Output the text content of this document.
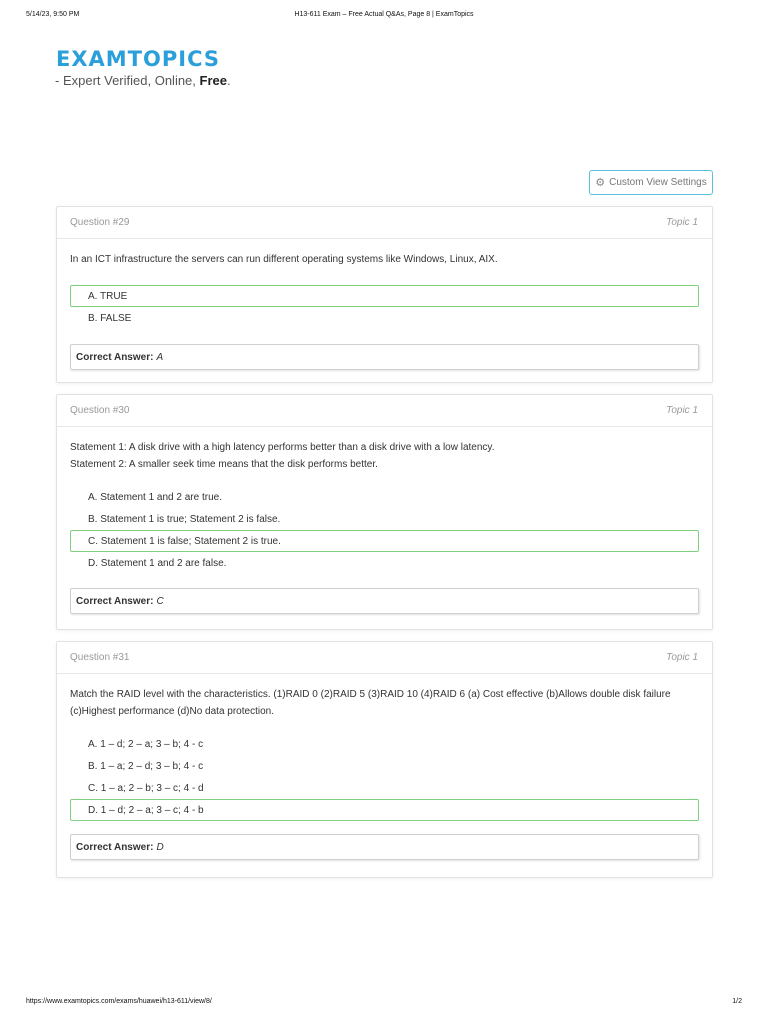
5/14/23, 9:50 PM	H13-611 Exam – Free Actual Q&As, Page 8 | ExamTopics
EXAMTOPICS
- Expert Verified, Online, Free.
⚙ Custom View Settings
Question #29	Topic 1
In an ICT infrastructure the servers can run different operating systems like Windows, Linux, AIX.
A. TRUE
B. FALSE
Correct Answer: A
Question #30	Topic 1
Statement 1: A disk drive with a high latency performs better than a disk drive with a low latency.
Statement 2: A smaller seek time means that the disk performs better.
A. Statement 1 and 2 are true.
B. Statement 1 is true; Statement 2 is false.
C. Statement 1 is false; Statement 2 is true.
D. Statement 1 and 2 are false.
Correct Answer: C
Question #31	Topic 1
Match the RAID level with the characteristics. (1)RAID 0 (2)RAID 5 (3)RAID 10 (4)RAID 6 (a) Cost effective (b)Allows double disk failure (c)Highest performance (d)No data protection.
A. 1 – d; 2 – a; 3 – b; 4 - c
B. 1 – a; 2 – d; 3 – b; 4 - c
C. 1 – a; 2 – b; 3 – c; 4 - d
D. 1 – d; 2 – a; 3 – c; 4 - b
Correct Answer: D
https://www.examtopics.com/exams/huawei/h13-611/view/8/	1/2
